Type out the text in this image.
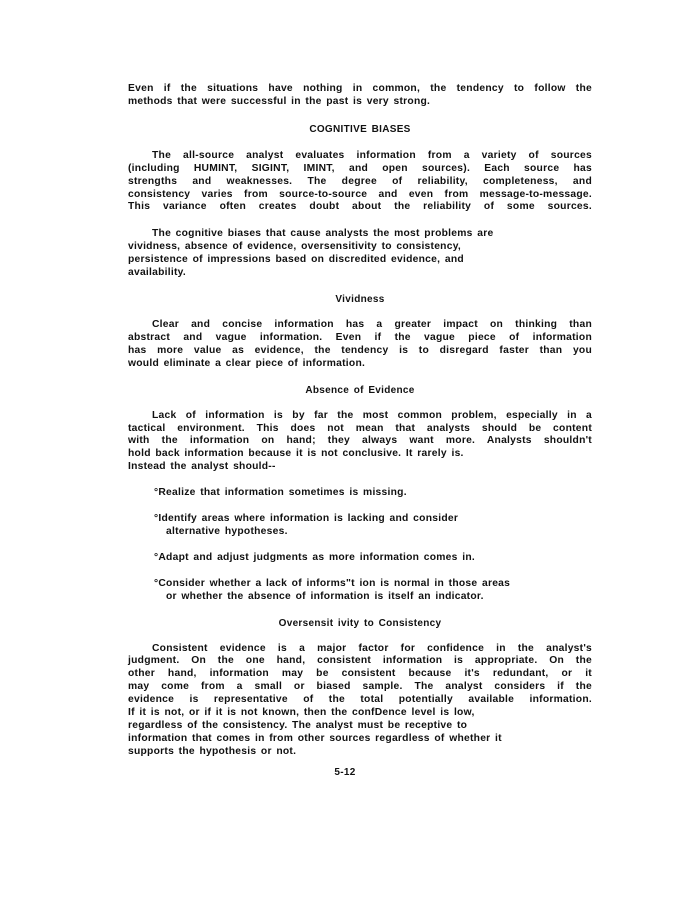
Even if the situations have nothing in common, the tendency to follow the
methods that were successful in the past is very strong.
COGNITIVE BIASES
The all-source analyst evaluates information from a variety of sources
(including HUMINT, SIGINT, IMINT, and open sources). Each source has
strengths and weaknesses. The degree of reliability, completeness, and
consistency varies from source-to-source and even from message-to-message.
This variance often creates doubt about the reliability of some sources.
The cognitive biases that cause analysts the most problems are
vividness, absence of evidence, oversensitivity to consistency,
persistence of impressions based on discredited evidence, and
availability.
Vividness
Clear and concise information has a greater impact on thinking than
abstract and vague information. Even if the vague piece of information
has more value as evidence, the tendency is to disregard faster than you
would eliminate a clear piece of information.
Absence of Evidence
Lack of information is by far the most common problem, especially in a
tactical environment. This does not mean that analysts should be content
with the information on hand; they always want more. Analysts shouldn't
hold back information because it is not conclusive. It rarely is.
Instead the analyst should--
°Realize that information sometimes is missing.
°Identify areas where information is lacking and consider
alternative hypotheses.
°Adapt and adjust judgments as more information comes in.
°Consider whether a lack of informs"t ion is normal in those areas
or whether the absence of information is itself an indicator.
Oversensit ivity to Consistency
Consistent evidence is a major factor for confidence in the analyst's
judgment. On the one hand, consistent information is appropriate. On the
other hand, information may be consistent because it's redundant, or it
may come from a small or biased sample. The analyst considers if the
evidence is representative of the total potentially available information.
If it is not, or if it is not known, then the confDence level is low,
regardless of the consistency. The analyst must be receptive to
information that comes in from other sources regardless of whether it
supports the hypothesis or not.
5-12
